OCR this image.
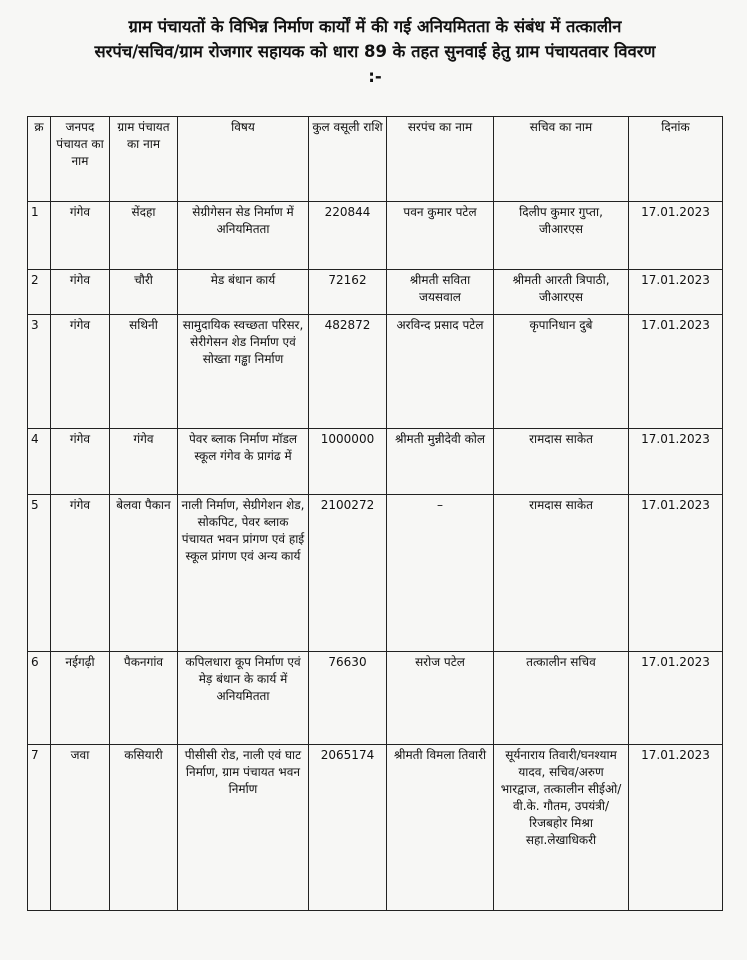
ग्राम पंचायतों के विभिन्न निर्माण कार्यों में की गई अनियमितता के संबंध में तत्कालीन
सरपंच/सचिव/ग्राम रोजगार सहायक को धारा 89 के तहत सुनवाई हेतु ग्राम पंचायतवार विवरण
:-
क्र	जनपद पंचायत का नाम	ग्राम पंचायत का नाम	विषय	कुल वसूली राशि	सरपंच का नाम	सचिव का नाम	दिनांक
1	गंगेव	सेंदहा	सेग्रीगेसन सेड निर्माण में अनियमितता	220844	पवन कुमार पटेल	दिलीप कुमार गुप्ता, जीआरएस	17.01.2023
2	गंगेव	चौरी	मेड बंधान कार्य	72162	श्रीमती सविता जयसवाल	श्रीमती आरती त्रिपाठी, जीआरएस	17.01.2023
3	गंगेव	सथिनी	सामुदायिक स्वच्छता परिसर, सेरीगेसन शेड निर्माण एवं सोख्ता गड्ढा निर्माण	482872	अरविन्द प्रसाद पटेल	कृपानिधान दुबे	17.01.2023
4	गंगेव	गंगेव	पेवर ब्लाक निर्माण मॉडल स्कूल गंगेव के प्रागंढ में	1000000	श्रीमती मुन्नीदेवी कोल	रामदास साकेत	17.01.2023
5	गंगेव	बेलवा पैकान	नाली निर्माण, सेग्रीगेशन शेड, सोकपिट, पेवर ब्लाक पंचायत भवन प्रांगण एवं हाई स्कूल प्रांगण एवं अन्य कार्य	2100272	–	रामदास साकेत	17.01.2023
6	नईगढ़ी	पैकनगांव	कपिलधारा कूप निर्माण एवं मेड़ बंधान के कार्य में अनियमितता	76630	सरोज पटेल	तत्कालीन सचिव	17.01.2023
7	जवा	कसियारी	पीसीसी रोड, नाली एवं घाट निर्माण, ग्राम पंचायत भवन निर्माण	2065174	श्रीमती विमला तिवारी	सूर्यनाराय तिवारी/घनश्याम यादव, सचिव/अरुण भारद्वाज, तत्कालीन सीईओ/वी.के. गौतम, उपयंत्री/रिजबहोर मिश्रा सहा.लेखाधिकरी	17.01.2023
